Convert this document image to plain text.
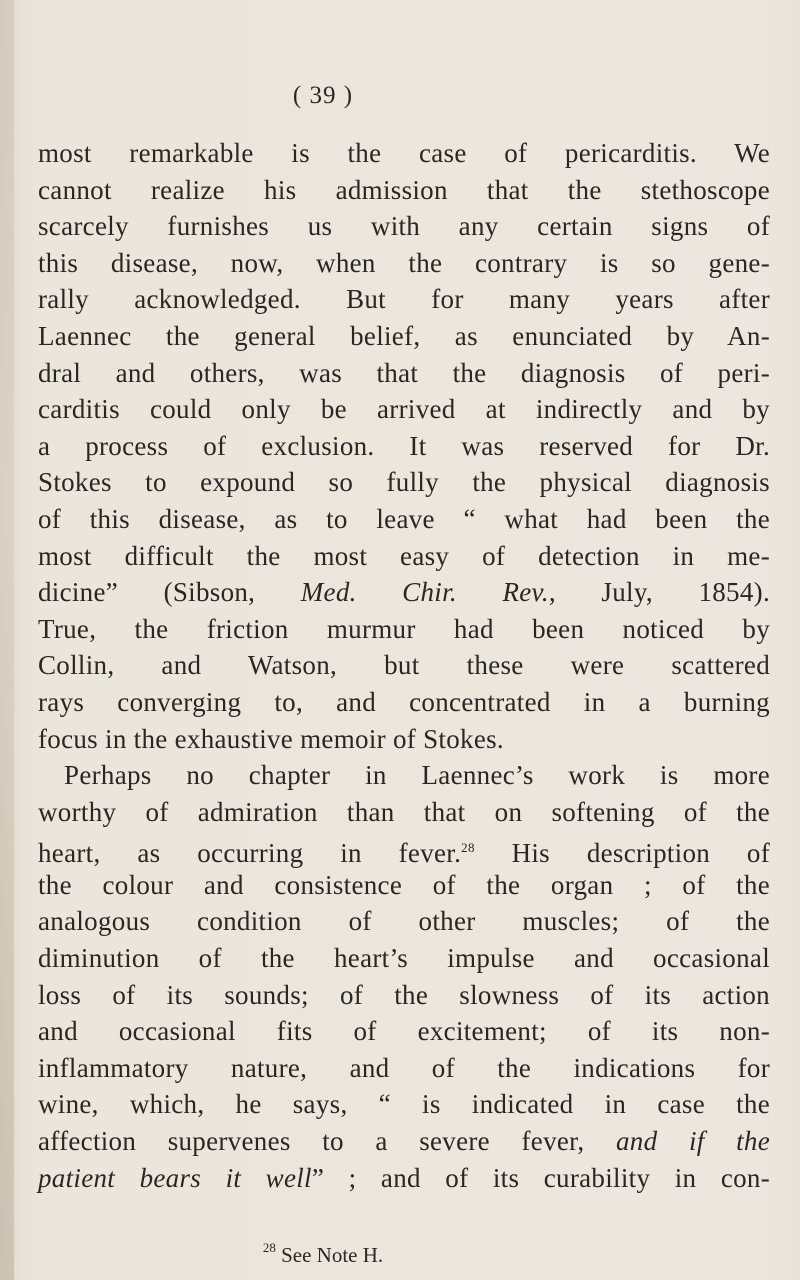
( 39 )
most remarkable is the case of pericarditis. We
cannot realize his admission that the stethoscope
scarcely furnishes us with any certain signs of
this disease, now, when the contrary is so gene-
rally acknowledged. But for many years after
Laennec the general belief, as enunciated by An-
dral and others, was that the diagnosis of peri-
carditis could only be arrived at indirectly and by
a process of exclusion. It was reserved for Dr.
Stokes to expound so fully the physical diagnosis
of this disease, as to leave “ what had been the
most difficult the most easy of detection in me-
dicine” (Sibson, Med. Chir. Rev., July, 1854).
True, the friction murmur had been noticed by
Collin, and Watson, but these were scattered
rays converging to, and concentrated in a burning
focus in the exhaustive memoir of Stokes.
Perhaps no chapter in Laennec’s work is more
worthy of admiration than that on softening of the
heart, as occurring in fever.$^{28}$ His description of
the colour and consistence of the organ ; of the
analogous condition of other muscles; of the
diminution of the heart’s impulse and occasional
loss of its sounds; of the slowness of its action
and occasional fits of excitement; of its non-
inflammatory nature, and of the indications for
wine, which, he says, “ is indicated in case the
affection supervenes to a severe fever, and if the
patient bears it well” ; and of its curability in con-
$^{28}$ See Note H.
